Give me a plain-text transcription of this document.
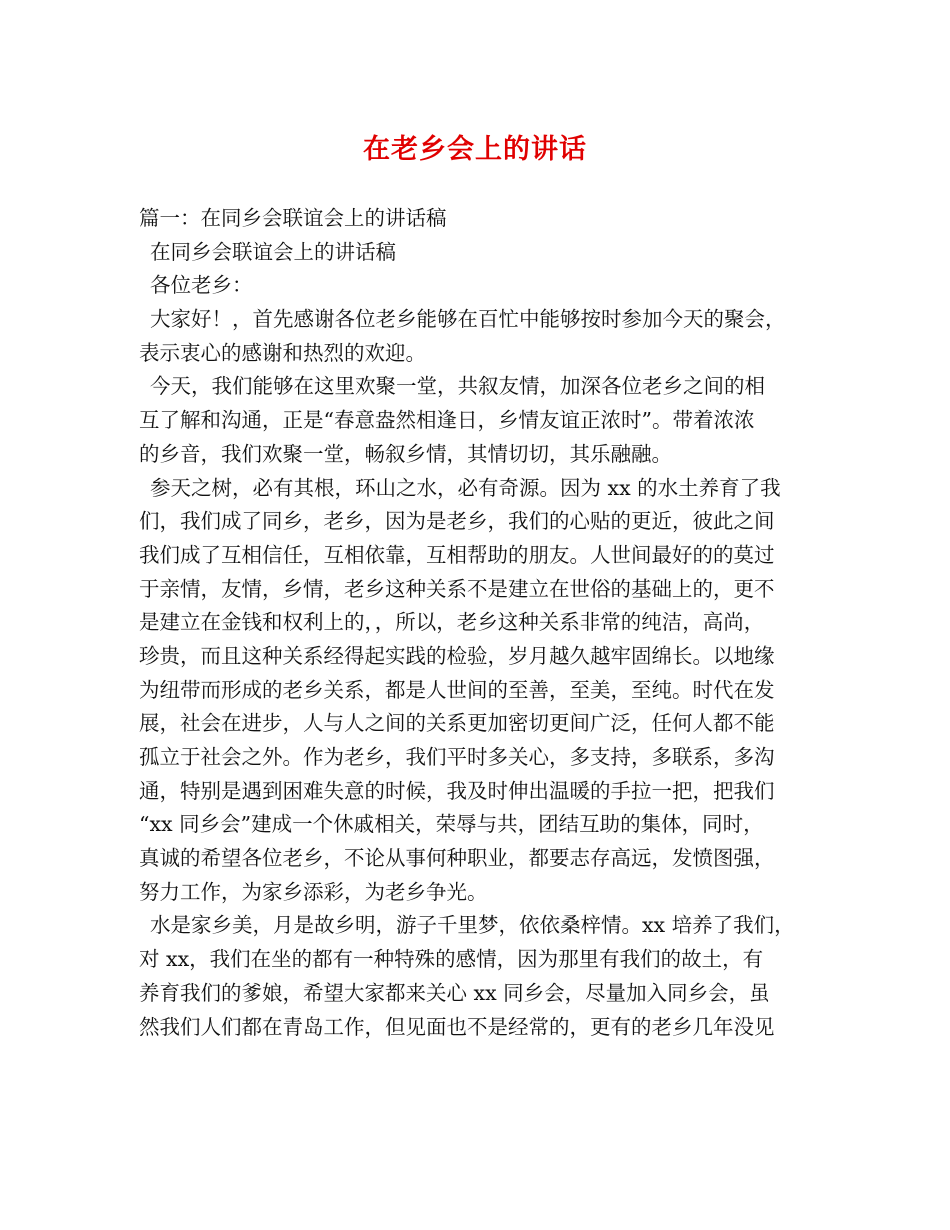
在老乡会上的讲话
篇一：在同乡会联谊会上的讲话稿
在同乡会联谊会上的讲话稿
各位老乡：
大家好！，首先感谢各位老乡能够在百忙中能够按时参加今天的聚会，
表示衷心的感谢和热烈的欢迎。
今天，我们能够在这里欢聚一堂，共叙友情，加深各位老乡之间的相
互了解和沟通，正是“春意盎然相逢日，乡情友谊正浓时”。带着浓浓
的乡音，我们欢聚一堂，畅叙乡情，其情切切，其乐融融。
参天之树，必有其根，环山之水，必有奇源。因为 xx 的水土养育了我
们，我们成了同乡，老乡，因为是老乡，我们的心贴的更近，彼此之间
我们成了互相信任，互相依靠，互相帮助的朋友。人世间最好的的莫过
于亲情，友情，乡情，老乡这种关系不是建立在世俗的基础上的，更不
是建立在金钱和权利上的，，所以，老乡这种关系非常的纯洁，高尚，
珍贵，而且这种关系经得起实践的检验，岁月越久越牢固绵长。以地缘
为纽带而形成的老乡关系，都是人世间的至善，至美，至纯。时代在发
展，社会在进步，人与人之间的关系更加密切更间广泛，任何人都不能
孤立于社会之外。作为老乡，我们平时多关心，多支持，多联系，多沟
通，特别是遇到困难失意的时候，我及时伸出温暖的手拉一把，把我们
“xx 同乡会”建成一个休戚相关，荣辱与共，团结互助的集体，同时，
真诚的希望各位老乡，不论从事何种职业，都要志存高远，发愤图强，
努力工作，为家乡添彩，为老乡争光。
水是家乡美，月是故乡明，游子千里梦，依依桑梓情。xx 培养了我们，
对 xx，我们在坐的都有一种特殊的感情，因为那里有我们的故土，有
养育我们的爹娘，希望大家都来关心 xx 同乡会，尽量加入同乡会，虽
然我们人们都在青岛工作，但见面也不是经常的，更有的老乡几年没见
